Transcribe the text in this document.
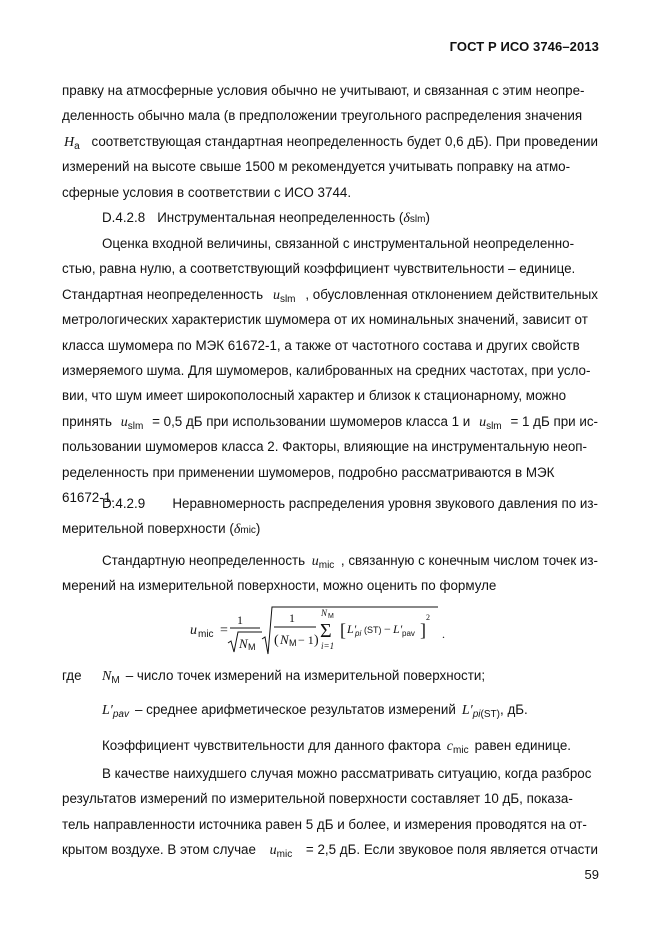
ГОСТ Р ИСО 3746–2013
правку на атмосферные условия обычно не учитывают, и связанная с этим неопре-
деленность обычно мала (в предположении треугольного распределения значения
$H_a$ соответствующая стандартная неопределенность будет 0,6 дБ). При проведении
измерений на высоте свыше 1500 м рекомендуется учитывать поправку на атмо-
сферные условия в соответствии с ИСО 3744.
D.4.2.8 Инструментальная неопределенность ( δ slm )
Оценка входной величины, связанной с инструментальной неопределенно-
стью, равна нулю, а соответствующий коэффициент чувствительности – единице.
Стандартная неопределенность $u_{slm}$ , обусловленная отклонением действительных
метрологических характеристик шумомера от их номинальных значений, зависит от
класса шумомера по МЭК 61672-1, а также от частотного состава и других свойств
измеряемого шума. Для шумомеров, калиброванных на средних частотах, при усло-
вии, что шум имеет широкополосный характер и близок к стационарному, можно
принять $u_{slm} = 0,5$ дБ при использовании шумомеров класса 1 и $u_{slm} = 1$ дБ при ис-
пользовании шумомеров класса 2. Факторы, влияющие на инструментальную неоп-
ределенность при применении шумомеров, подробно рассматриваются в МЭК
61672-1.
D.4.2.9 Неравномерность распределения уровня звукового давления по из-
мерительной поверхности ( δ mic )
Стандартную неопределенность $u_{mic}$ , связанную с конечным числом точек из-
мерений на измерительной поверхности, можно оценить по формуле
u mic =
1
N M
1
( N M − 1 )
N M
Σ
i=1
[ L′
pi (ST) − L′ pav ]
2
.
где	$N_M$ – число точек измерений на измерительной поверхности;
$L'_{pav}$ – среднее арифметическое результатов измерений $L'_{pi(ST)}$ , дБ.
Коэффициент чувствительности для данного фактора $c_{mic}$ равен единице.
В качестве наихудшего случая можно рассматривать ситуацию, когда разброс
результатов измерений по измерительной поверхности составляет 10 дБ, показа-
тель направленности источника равен 5 дБ и более, и измерения проводятся на от-
крытом воздухе. В этом случае $u_{mic} = 2,5$ дБ. Если звуковое поля является отчасти
59
